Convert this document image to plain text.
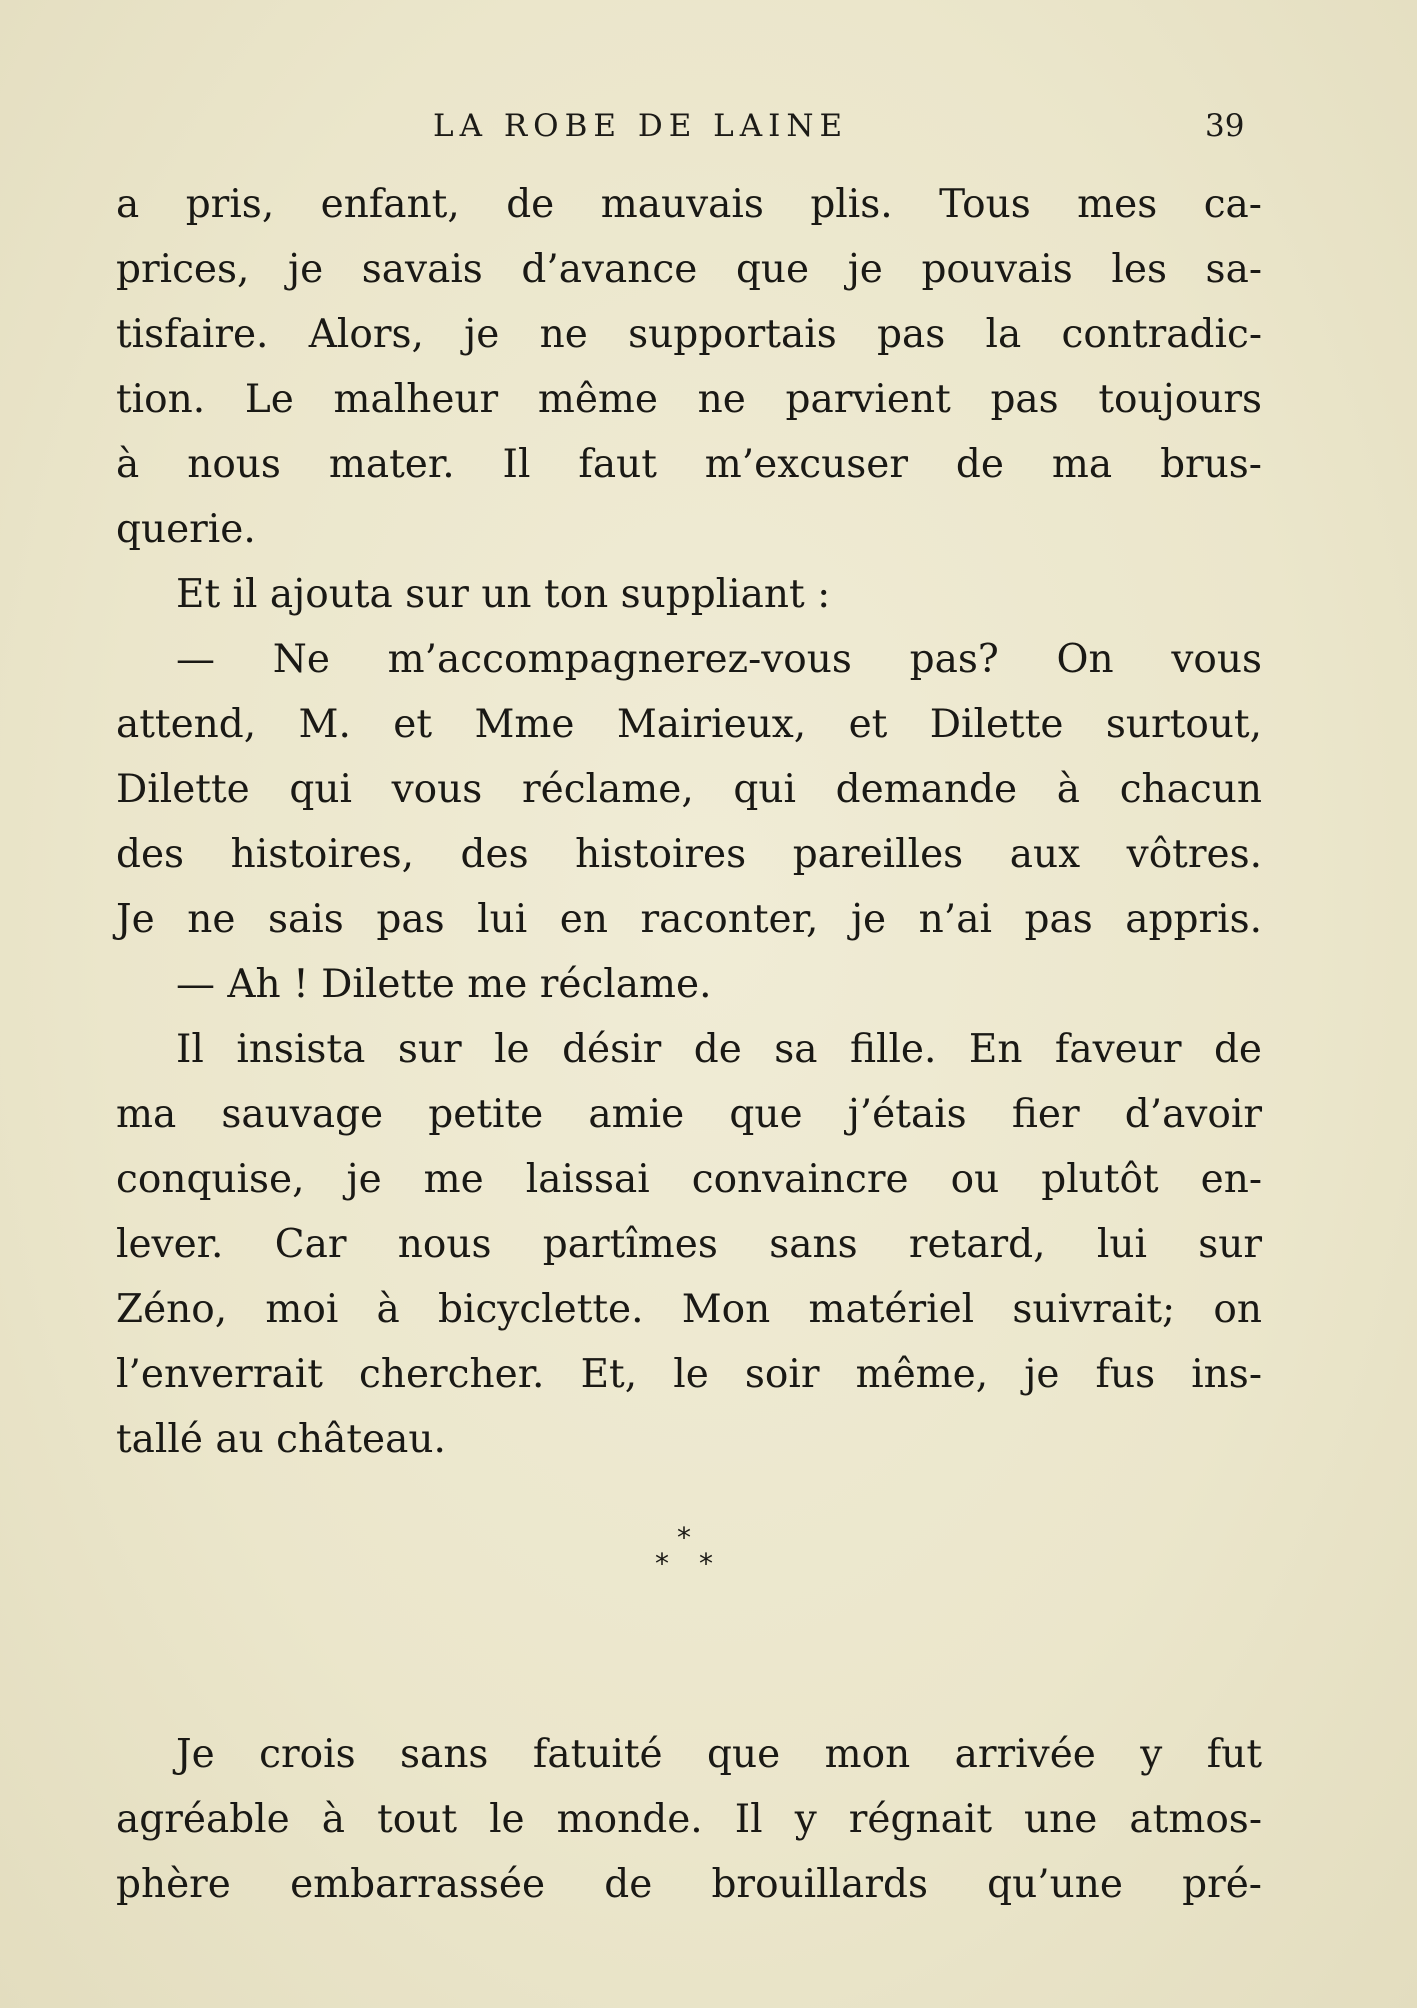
LA ROBE DE LAINE	39
a pris, enfant, de mauvais plis. Tous mes ca-
prices, je savais d’avance que je pouvais les sa-
tisfaire. Alors, je ne supportais pas la contradic-
tion. Le malheur même ne parvient pas toujours
à nous mater. Il faut m’excuser de ma brus-
querie.
Et il ajouta sur un ton suppliant :
— Ne m’accompagnerez-vous pas? On vous
attend, M. et Mme Mairieux, et Dilette surtout,
Dilette qui vous réclame, qui demande à chacun
des histoires, des histoires pareilles aux vôtres.
Je ne sais pas lui en raconter, je n’ai pas appris.
— Ah ! Dilette me réclame.
Il insista sur le désir de sa fille. En faveur de
ma sauvage petite amie que j’étais fier d’avoir
conquise, je me laissai convaincre ou plutôt en-
lever. Car nous partîmes sans retard, lui sur
Zéno, moi à bicyclette. Mon matériel suivrait; on
l’enverrait chercher. Et, le soir même, je fus ins-
tallé au château.
*
* *
Je crois sans fatuité que mon arrivée y fut
agréable à tout le monde. Il y régnait une atmos-
phère embarrassée de brouillards qu’une pré-
